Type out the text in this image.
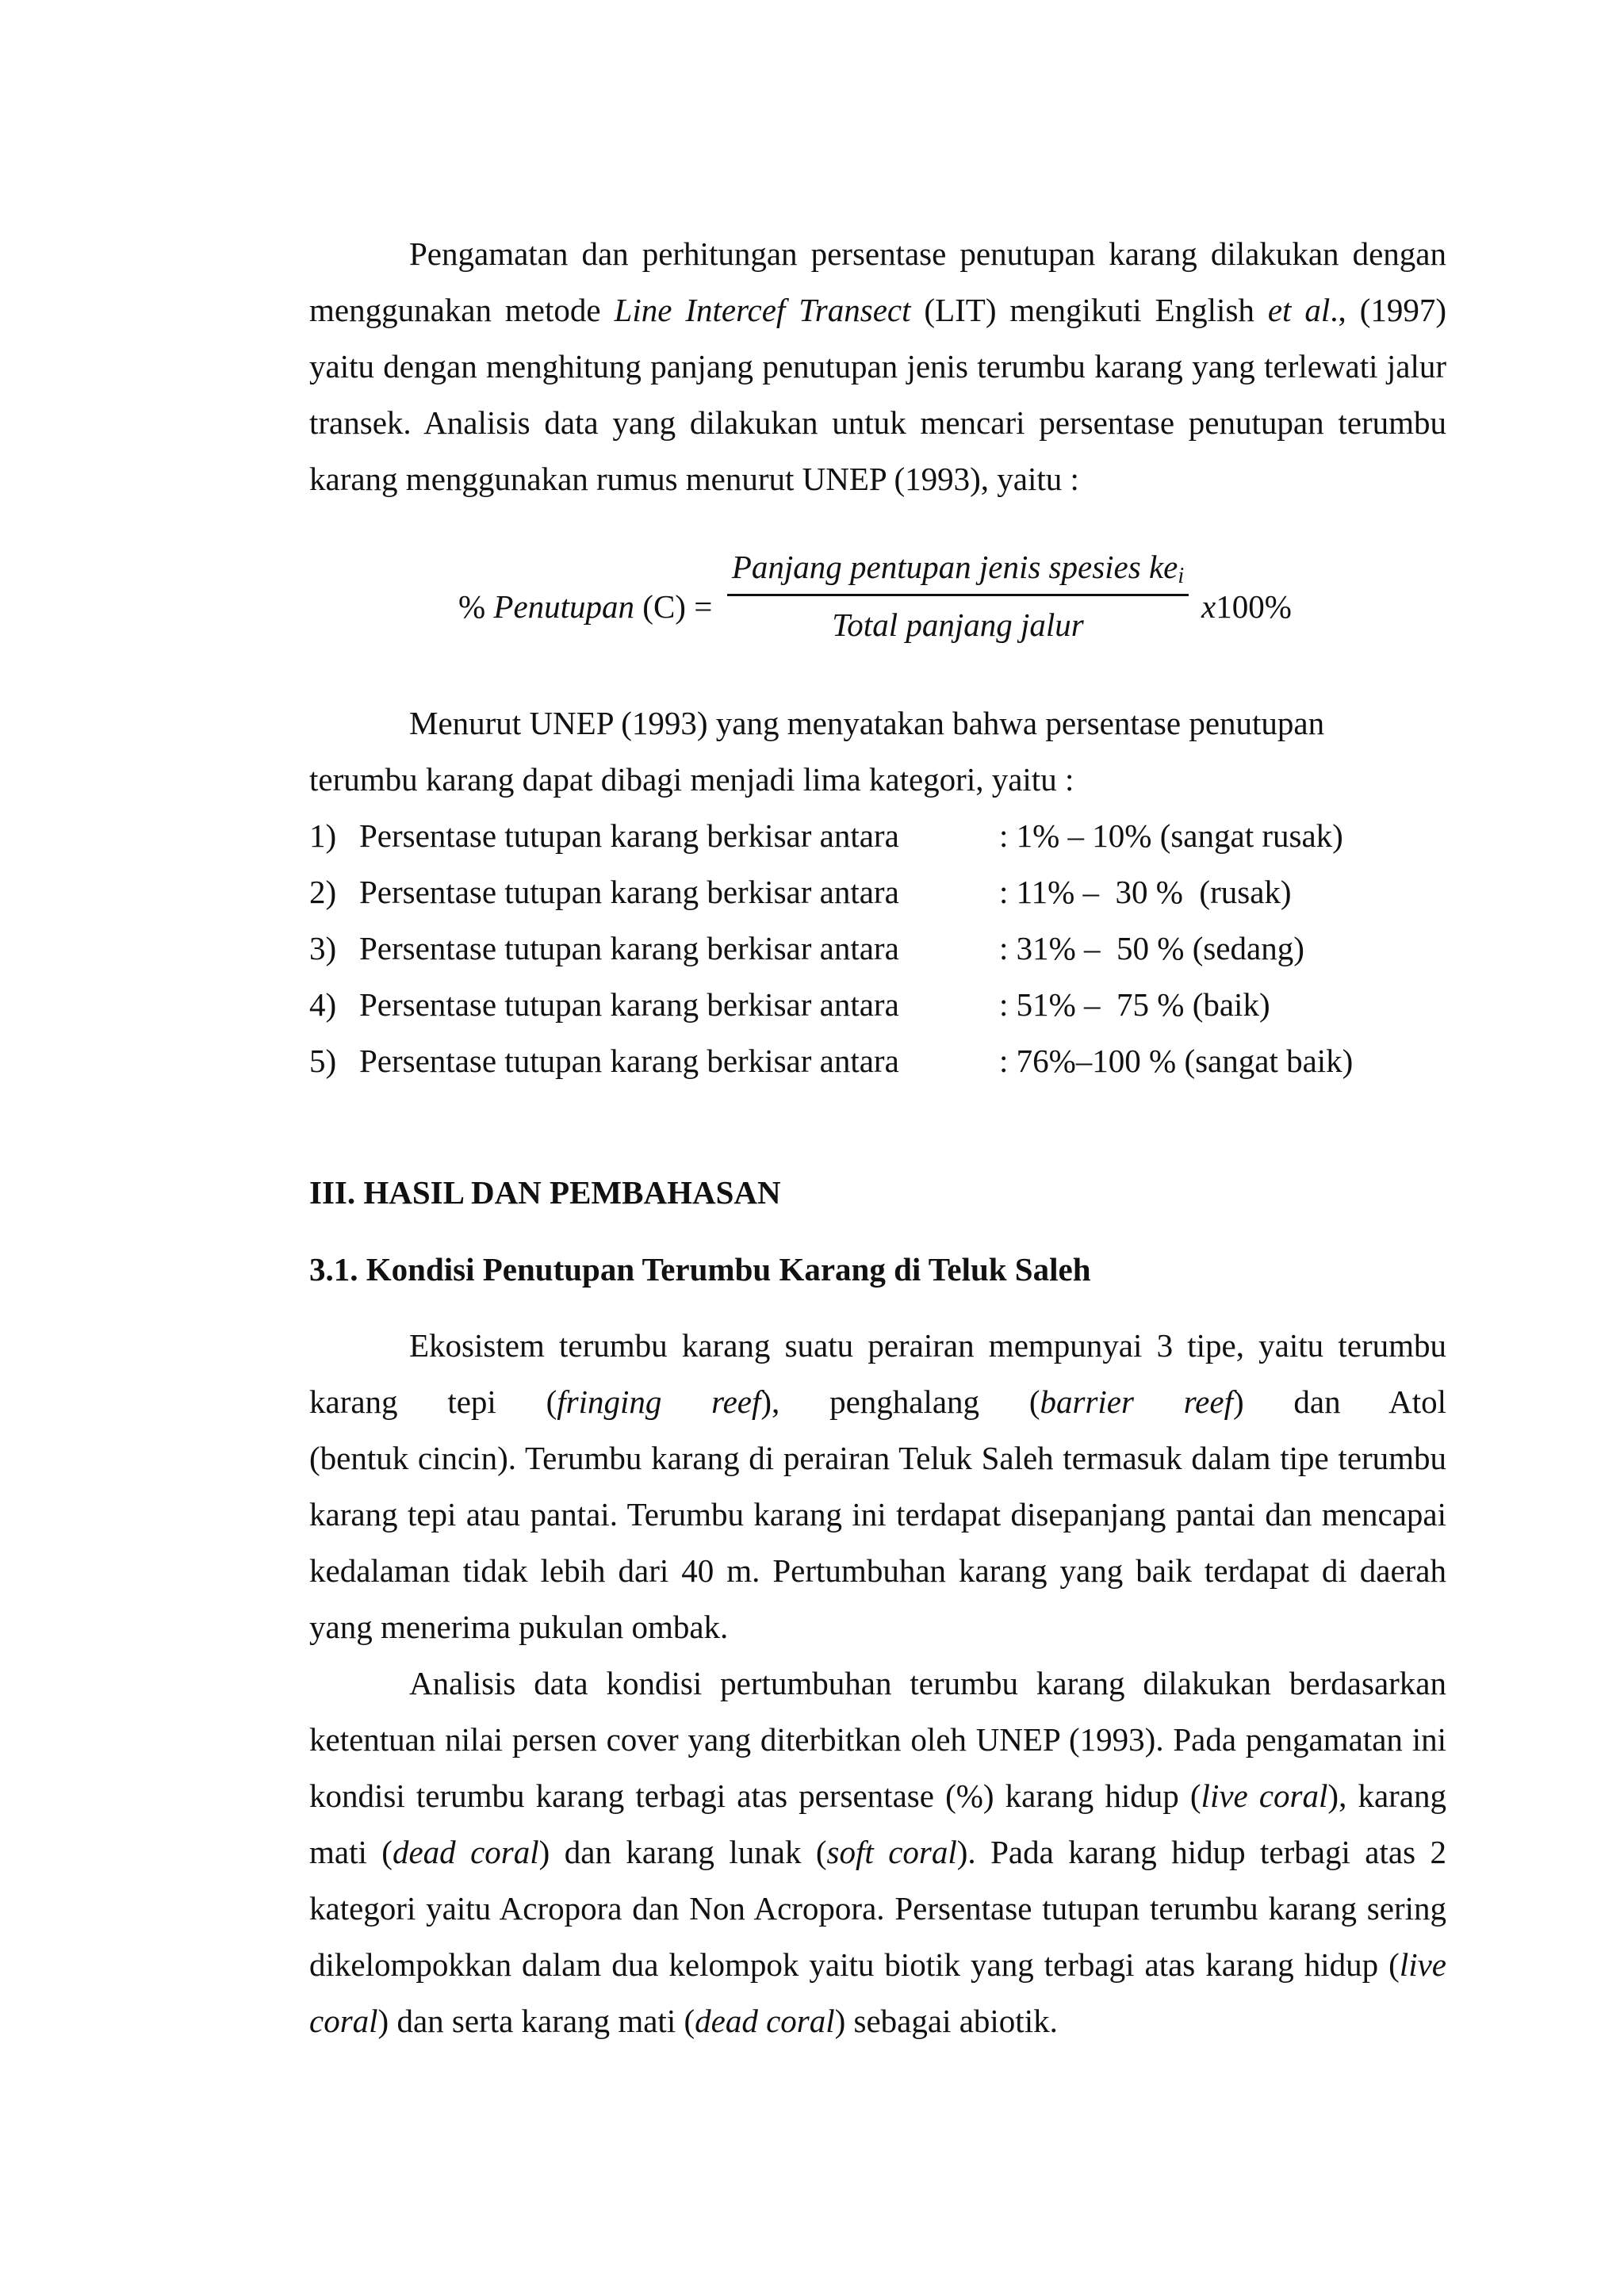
Pengamatan dan perhitungan persentase penutupan karang dilakukan dengan menggunakan metode Line Intercef Transect (LIT) mengikuti English et al., (1997) yaitu dengan menghitung panjang penutupan jenis terumbu karang yang terlewati jalur transek. Analisis data yang dilakukan untuk mencari persentase penutupan terumbu karang menggunakan rumus menurut UNEP (1993), yaitu :

% Penutupan (C) =
Panjang pentupan jenis spesies $ke_i$
Total panjang jalur	x100%

Menurut UNEP (1993) yang menyatakan bahwa persentase penutupan

terumbu karang dapat dibagi menjadi lima kategori, yaitu :

1) Persentase tutupan karang berkisar antara	: 1% – 10% (sangat rusak)
2) Persentase tutupan karang berkisar antara	: 11% –  30 %  (rusak)
3) Persentase tutupan karang berkisar antara	: 31% –  50 % (sedang)
4) Persentase tutupan karang berkisar antara	: 51% –  75 % (baik)
5) Persentase tutupan karang berkisar antara	: 76%–100 % (sangat baik)
III. HASIL DAN PEMBAHASAN
3.1. Kondisi Penutupan Terumbu Karang di Teluk Saleh

Ekosistem terumbu karang suatu perairan mempunyai 3 tipe, yaitu terumbu

karang tepi (fringing reef), penghalang (barrier reef) dan Atol

(bentuk cincin). Terumbu karang di perairan Teluk Saleh termasuk dalam tipe terumbu karang tepi atau pantai. Terumbu karang ini terdapat disepanjang pantai dan mencapai kedalaman tidak lebih dari 40 m. Pertumbuhan karang yang baik terdapat di daerah yang menerima pukulan ombak.

Analisis data kondisi pertumbuhan terumbu karang dilakukan berdasarkan ketentuan nilai persen cover yang diterbitkan oleh UNEP (1993). Pada pengamatan ini kondisi terumbu karang terbagi atas persentase (%) karang hidup (live coral), karang mati (dead coral) dan karang lunak (soft coral). Pada karang hidup terbagi atas 2 kategori yaitu Acropora dan Non Acropora. Persentase tutupan terumbu karang sering dikelompokkan dalam dua kelompok yaitu biotik yang terbagi atas karang hidup (live coral) dan serta karang mati (dead coral) sebagai abiotik.
